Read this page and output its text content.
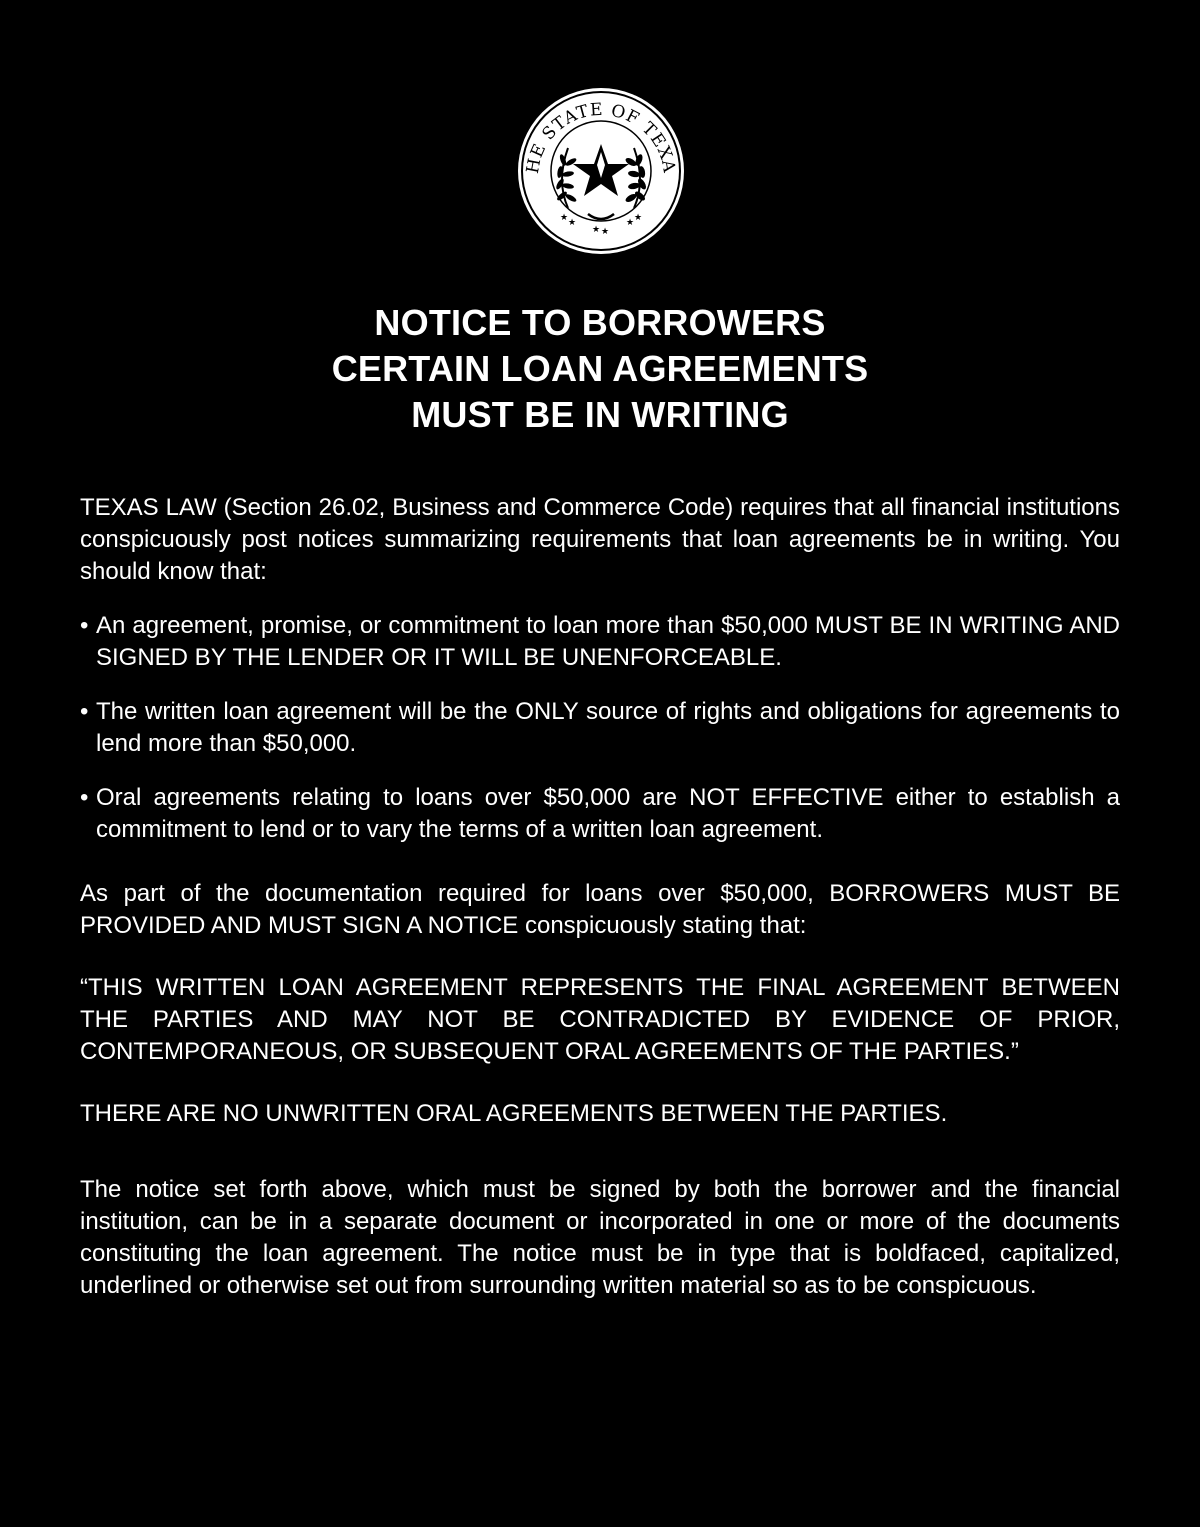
HE STATE OF TEXA
★ ★
★ ★
★ ★
NOTICE TO BORROWERS
CERTAIN LOAN AGREEMENTS
MUST BE IN WRITING

TEXAS LAW (Section 26.02, Business and Commerce Code) requires that all financial institutions conspicuously post notices summarizing requirements that loan agreements be in writing. You should know that:

• An agreement, promise, or commitment to loan more than $50,000 MUST BE IN WRITING AND SIGNED BY THE LENDER OR IT WILL BE UNENFORCEABLE.
• The written loan agreement will be the ONLY source of rights and obligations for agreements to lend more than $50,000.
• Oral agreements relating to loans over $50,000 are NOT EFFECTIVE either to establish a commitment to lend or to vary the terms of a written loan agreement.

As part of the documentation required for loans over $50,000, BORROWERS MUST BE PROVIDED AND MUST SIGN A NOTICE conspicuously stating that:

“THIS WRITTEN LOAN AGREEMENT REPRESENTS THE FINAL AGREEMENT BETWEEN THE PARTIES AND MAY NOT BE CONTRADICTED BY EVIDENCE OF PRIOR, CONTEMPORANEOUS, OR SUBSEQUENT ORAL AGREEMENTS OF THE PARTIES.”

THERE ARE NO UNWRITTEN ORAL AGREEMENTS BETWEEN THE PARTIES.

The notice set forth above, which must be signed by both the borrower and the financial institution, can be in a separate document or incorporated in one or more of the documents constituting the loan agreement. The notice must be in type that is boldfaced, capitalized, underlined or otherwise set out from surrounding written material so as to be conspicuous.
